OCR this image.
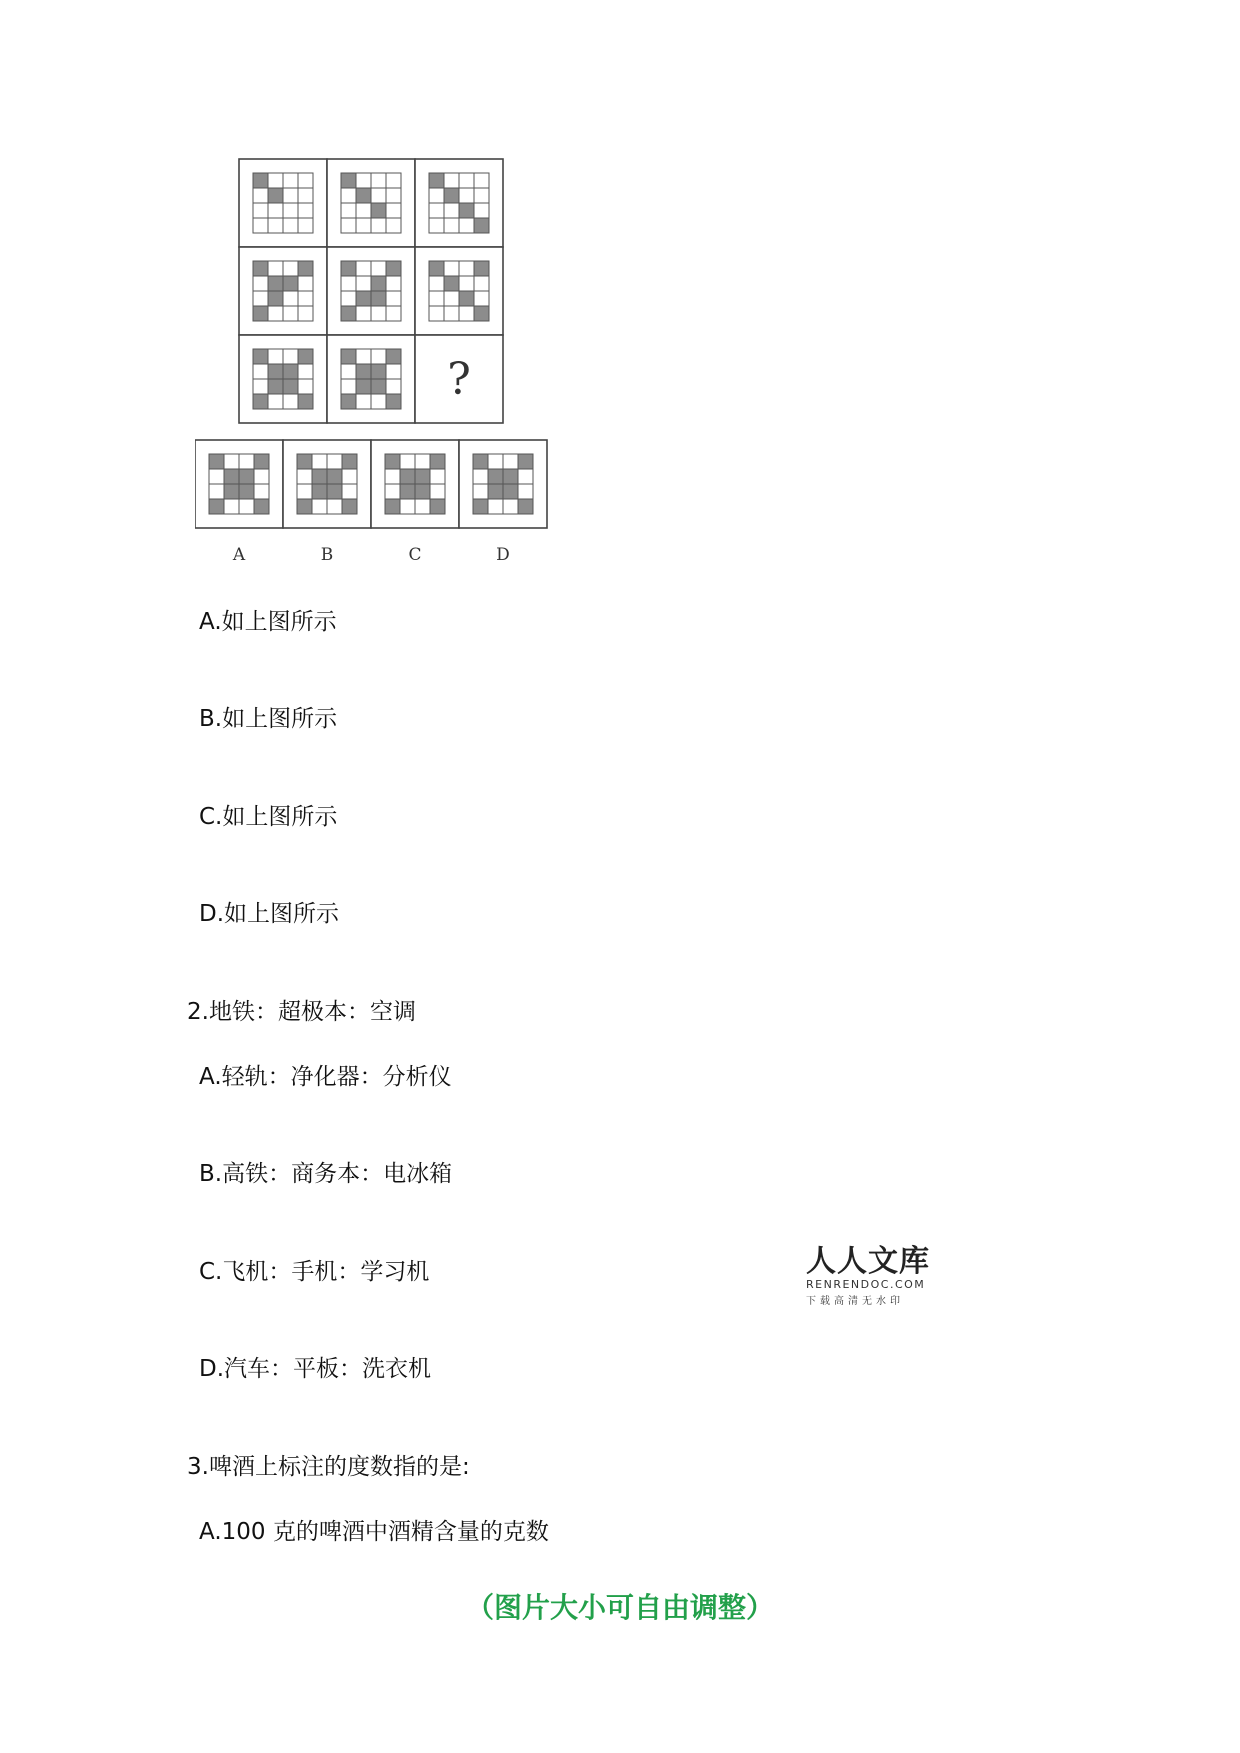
?
A	B	C	D
A.如上图所示
B.如上图所示
C.如上图所示
D.如上图所示
2.地铁：超极本：空调
A.轻轨：净化器：分析仪
B.高铁：商务本：电冰箱
C.飞机：手机：学习机
D.汽车：平板：洗衣机
3.啤酒上标注的度数指的是:
A.100 克的啤酒中酒精含量的克数
人人文库
RENRENDOC.COM
下载高清无水印
（图片大小可自由调整）
